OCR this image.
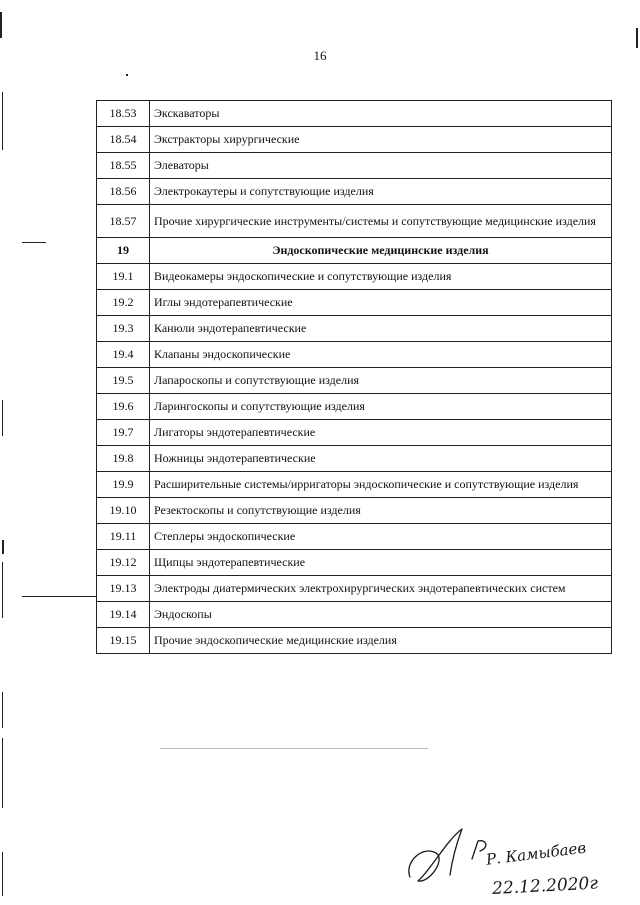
16
18.53	Экскаваторы
18.54	Экстракторы хирургические
18.55	Элеваторы
18.56	Электрокаутеры и сопутствующие изделия
18.57	Прочие хирургические инструменты/системы и сопутствующие медицинские изделия
19	Эндоскопические медицинские изделия
19.1	Видеокамеры эндоскопические и сопутствующие изделия
19.2	Иглы эндотерапевтические
19.3	Канюли эндотерапевтические
19.4	Клапаны эндоскопические
19.5	Лапароскопы и сопутствующие изделия
19.6	Ларингоскопы и сопутствующие изделия
19.7	Лигаторы эндотерапевтические
19.8	Ножницы эндотерапевтические
19.9	Расширительные системы/ирригаторы эндоскопические и сопутствующие изделия
19.10	Резектоскопы и сопутствующие изделия
19.11	Степлеры эндоскопические
19.12	Щипцы эндотерапевтические
19.13	Электроды диатермических электрохирургических эндотерапевтических систем
19.14	Эндоскопы
19.15	Прочие эндоскопические медицинские изделия
Р. Камыбаев
22.12.2020г
